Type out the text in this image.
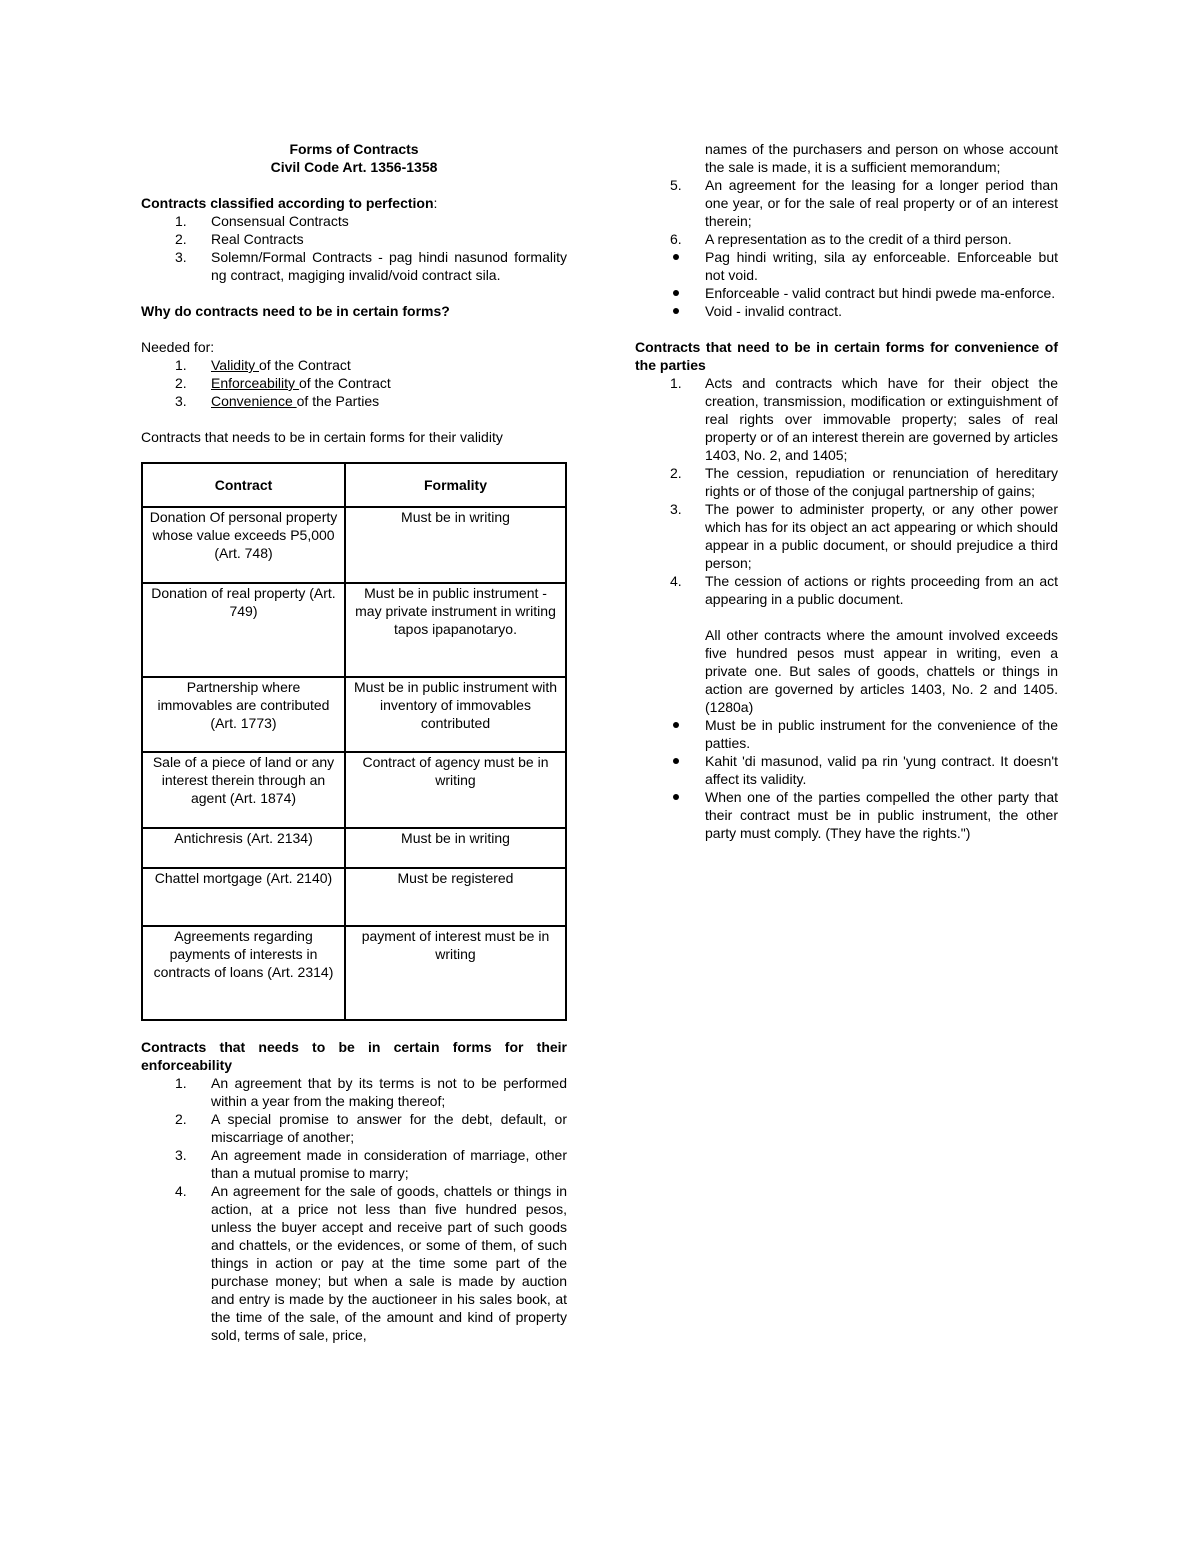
Forms of Contracts
Civil Code Art. 1356-1358
Contracts classified according to perfection:
1. Consensual Contracts
2. Real Contracts
3. Solemn/Formal Contracts - pag hindi nasunod formality ng contract, magiging invalid/void contract sila.
Why do contracts need to be in certain forms?
Needed for:
1. Validity of the Contract
2. Enforceability of the Contract
3. Convenience of the Parties
Contracts that needs to be in certain forms for their validity
Contract	Formality
Donation Of personal property whose value exceeds P5,000 (Art. 748)	Must be in writing
Donation of real property (Art. 749)	Must be in public instrument - may private instrument in writing tapos ipapanotaryo.
Partnership where immovables are contributed (Art. 1773)	Must be in public instrument with inventory of immovables contributed
Sale of a piece of land or any interest therein through an agent (Art. 1874)	Contract of agency must be in writing
Antichresis (Art. 2134)	Must be in writing
Chattel mortgage (Art. 2140)	Must be registered
Agreements regarding payments of interests in contracts of loans (Art. 2314)	payment of interest must be in writing
Contracts that needs to be in certain forms for their enforceability
1. An agreement that by its terms is not to be performed within a year from the making thereof;
2. A special promise to answer for the debt, default, or miscarriage of another;
3. An agreement made in consideration of marriage, other than a mutual promise to marry;
4. An agreement for the sale of goods, chattels or things in action, at a price not less than five hundred pesos, unless the buyer accept and receive part of such goods and chattels, or the evidences, or some of them, of such things in action or pay at the time some part of the purchase money; but when a sale is made by auction and entry is made by the auctioneer in his sales book, at the time of the sale, of the amount and kind of property sold, terms of sale, price,
names of the purchasers and person on whose account the sale is made, it is a sufficient memorandum;
5. An agreement for the leasing for a longer period than one year, or for the sale of real property or of an interest therein;
6. A representation as to the credit of a third person.
Pag hindi writing, sila ay enforceable. Enforceable but not void.
Enforceable - valid contract but hindi pwede ma-enforce.
Void - invalid contract.
Contracts that need to be in certain forms for convenience of the parties
1. Acts and contracts which have for their object the creation, transmission, modification or extinguishment of real rights over immovable property; sales of real property or of an interest therein are governed by articles 1403, No. 2, and 1405;
2. The cession, repudiation or renunciation of hereditary rights or of those of the conjugal partnership of gains;
3. The power to administer property, or any other power which has for its object an act appearing or which should appear in a public document, or should prejudice a third person;
4. The cession of actions or rights proceeding from an act appearing in a public document.
All other contracts where the amount involved exceeds five hundred pesos must appear in writing, even a private one. But sales of goods, chattels or things in action are governed by articles 1403, No. 2 and 1405. (1280a)
Must be in public instrument for the convenience of the patties.
Kahit 'di masunod, valid pa rin 'yung contract. It doesn't affect its validity.
When one of the parties compelled the other party that their contract must be in public instrument, the other party must comply. (They have the rights.")
